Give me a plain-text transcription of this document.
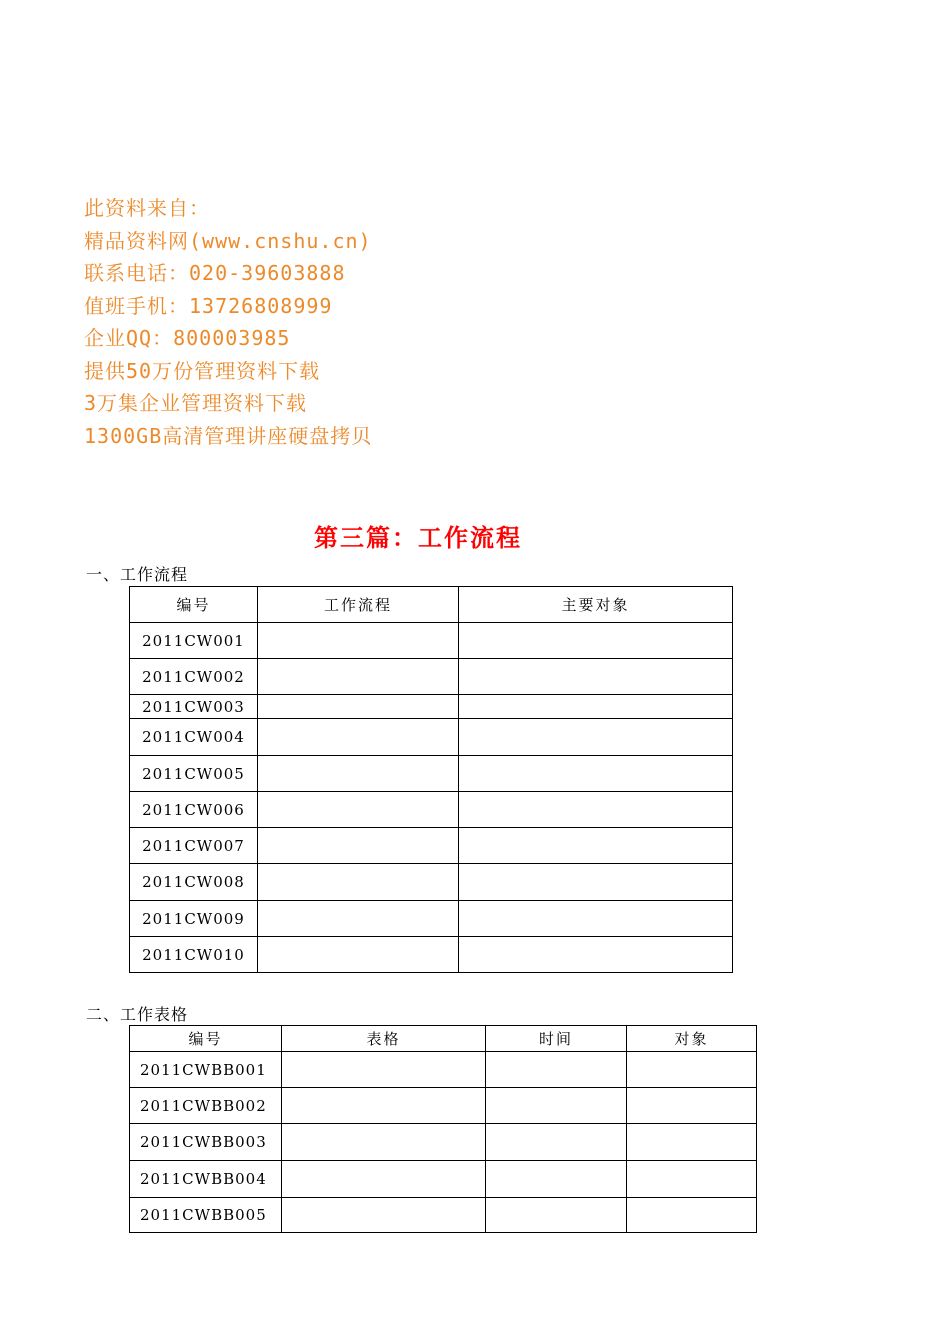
此资料来自：
精品资料网(www.cnshu.cn)
联系电话：020-39603888
值班手机：13726808999
企业QQ：800003985
提供50万份管理资料下载
3万集企业管理资料下载
1300GB高清管理讲座硬盘拷贝
第三篇：工作流程
一、工作流程
编号	工作流程	主要对象
2011CW001		
2011CW002		
2011CW003		
2011CW004		
2011CW005		
2011CW006		
2011CW007		
2011CW008		
2011CW009		
2011CW010		
二、工作表格
编号	表格	时间	对象
2011CWBB001			
2011CWBB002			
2011CWBB003			
2011CWBB004			
2011CWBB005			
